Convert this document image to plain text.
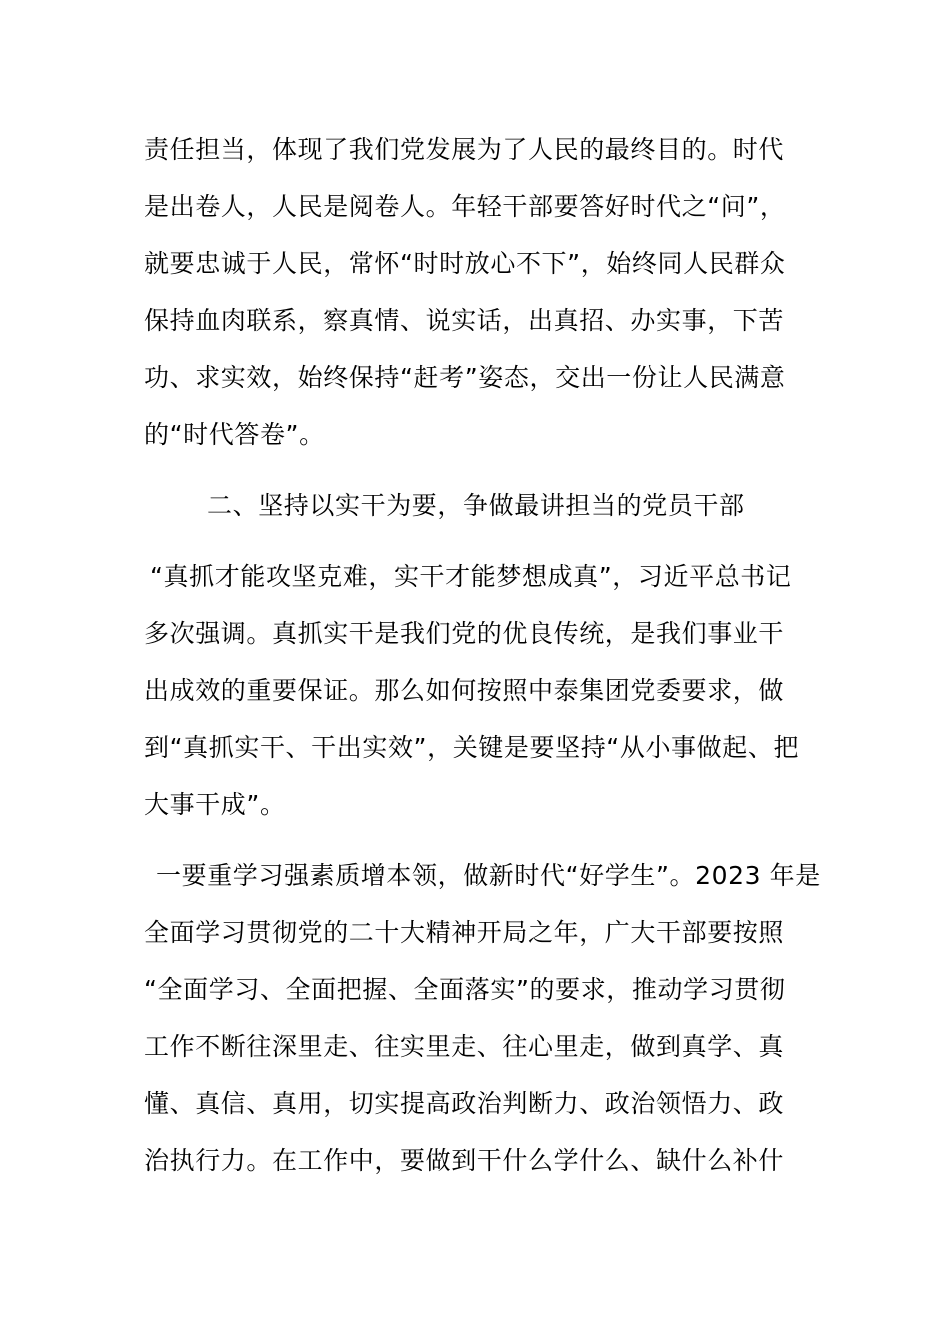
责任担当，体现了我们党发展为了人民的最终目的。时代
是出卷人，人民是阅卷人。年轻干部要答好时代之“问”，
就要忠诚于人民，常怀“时时放心不下”，始终同人民群众
保持血肉联系，察真情、说实话，出真招、办实事，下苦
功、求实效，始终保持“赶考”姿态，交出一份让人民满意
的“时代答卷”。
二、坚持以实干为要，争做最讲担当的党员干部
“真抓才能攻坚克难，实干才能梦想成真”，习近平总书记
多次强调。真抓实干是我们党的优良传统，是我们事业干
出成效的重要保证。那么如何按照中泰集团党委要求，做
到“真抓实干、干出实效”，关键是要坚持“从小事做起、把
大事干成”。
一要重学习强素质增本领，做新时代“好学生”。2023 年是
全面学习贯彻党的二十大精神开局之年，广大干部要按照
“全面学习、全面把握、全面落实”的要求，推动学习贯彻
工作不断往深里走、往实里走、往心里走，做到真学、真
懂、真信、真用，切实提高政治判断力、政治领悟力、政
治执行力。在工作中，要做到干什么学什么、缺什么补什
